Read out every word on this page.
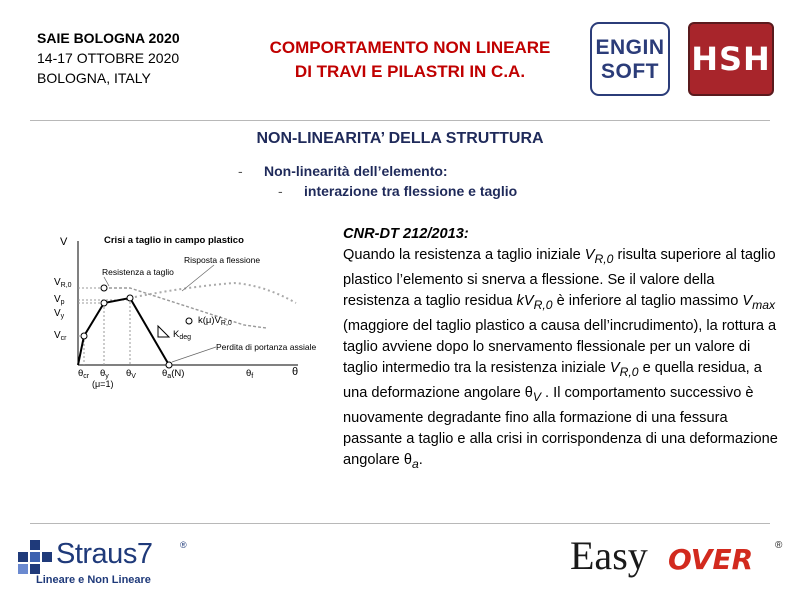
SAIE BOLOGNA 2020
14-17 OTTOBRE 2020
BOLOGNA, ITALY
COMPORTAMENTO NON LINEARE
DI TRAVI E PILASTRI IN C.A.
ENGIN
SOFT HSH
NON-LINEARITA’ DELLA STRUTTURA
- Non-linearità dell’elemento:
- interazione tra flessione e taglio
V
θ
Crisi a taglio in campo plastico
$V_{R,0}$
$V_p$
$V_y$
$V_{cr}$
Resistenza a taglio
Risposta a flessione
$k(\mu)V_{R,0}$
$K_{deg}$
Perdita di portanza assiale
$\theta_{cr}$ $\theta_y$
(μ=1)
$\theta_V$	$\theta_a(N)$	$\theta_f$
CNR-DT 212/2013:
Quando la resistenza a taglio iniziale $V_{R,0}$ risulta superiore al taglio plastico l’elemento si snerva a flessione. Se il valore della resistenza a taglio residua $kV_{R,0}$ è inferiore al taglio massimo $V_{max}$ (maggiore del taglio plastico a causa dell’incrudimento), la rottura a taglio avviene dopo lo snervamento flessionale per un valore di taglio intermedio tra la resistenza iniziale $V_{R,0}$ e quella residua, a una deformazione angolare $\theta_V$ . Il comportamento successivo è nuovamente degradante fino alla formazione di una fessura passante a taglio e alla crisi in corrispondenza di una deformazione angolare $\theta_a$.
Straus7	®
Lineare e Non Lineare
Easy OVER ®
